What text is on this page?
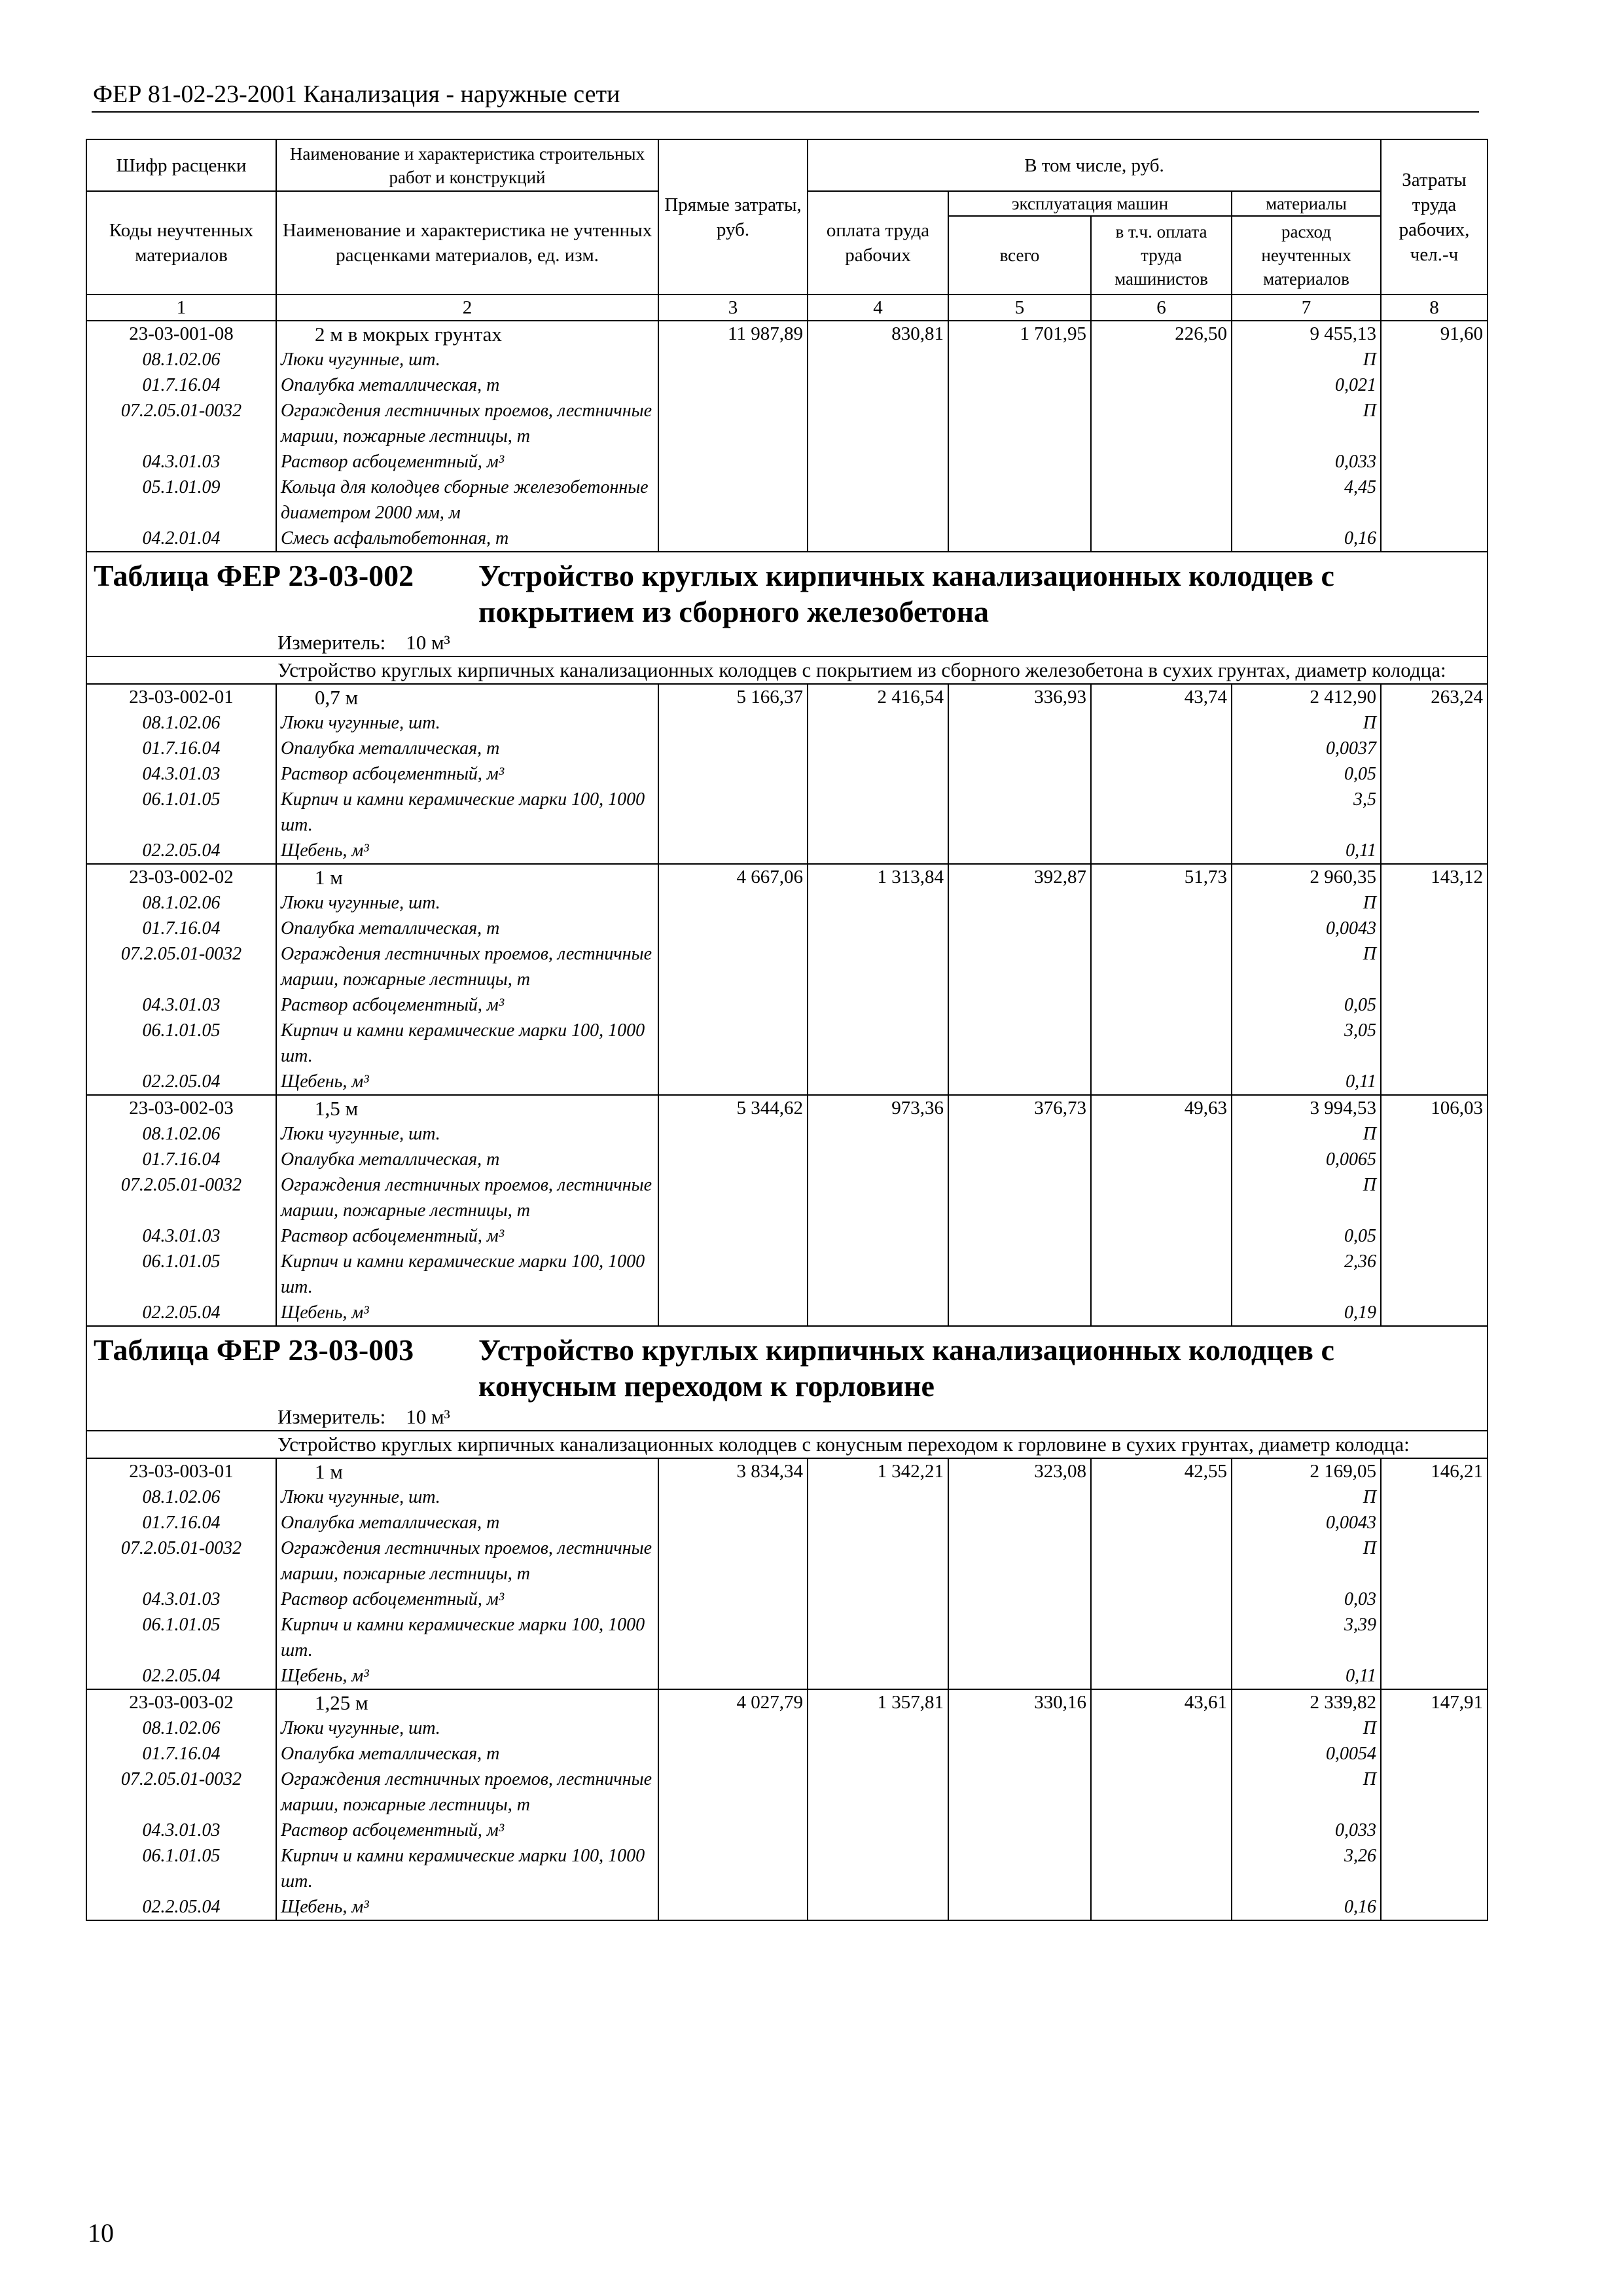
ФЕР 81-02-23-2001 Канализация - наружные сети
Шифр расценки	Наименование и характеристика строительных работ и конструкций	Прямые затраты, руб.	В том числе, руб.				Затраты труда рабочих, чел.-ч
Коды неучтенных материалов	Наименование и характеристика не учтенных расценками материалов, ед. изм.		оплата труда рабочих	эксплуатация машин		материалы	
				всего	в т.ч. оплата труда машинистов	расход неучтенных материалов	
1	2	3	4	5	6	7	8
23-03-001-08	2 м в мокрых грунтах	11 987,89	830,81	1 701,95	226,50	9 455,13	91,60
08.1.02.06	Люки чугунные, шт.					П	
01.7.16.04	Опалубка металлическая, т					0,021	
07.2.05.01-0032	Ограждения лестничных проемов, лестничные марши, пожарные лестницы, т					П	
04.3.01.03	Раствор асбоцементный, м³					0,033	
05.1.01.09	Кольца для колодцев сборные железобетонные диаметром 2000 мм, м					4,45	
04.2.01.04	Смесь асфальтобетонная, т					0,16	
Таблица ФЕР 23-03-002 Устройство круглых кирпичных канализационных колодцев с покрытием из сборного железобетона							
Измеритель: 10 м³							
Устройство круглых кирпичных канализационных колодцев с покрытием из сборного железобетона в сухих грунтах, диаметр колодца:							
23-03-002-01	0,7 м	5 166,37	2 416,54	336,93	43,74	2 412,90	263,24
08.1.02.06	Люки чугунные, шт.					П	
01.7.16.04	Опалубка металлическая, т					0,0037	
04.3.01.03	Раствор асбоцементный, м³					0,05	
06.1.01.05	Кирпич и камни керамические марки 100, 1000 шт.					3,5	
02.2.05.04	Щебень, м³					0,11	
23-03-002-02	1 м	4 667,06	1 313,84	392,87	51,73	2 960,35	143,12
08.1.02.06	Люки чугунные, шт.					П	
01.7.16.04	Опалубка металлическая, т					0,0043	
07.2.05.01-0032	Ограждения лестничных проемов, лестничные марши, пожарные лестницы, т					П	
04.3.01.03	Раствор асбоцементный, м³					0,05	
06.1.01.05	Кирпич и камни керамические марки 100, 1000 шт.					3,05	
02.2.05.04	Щебень, м³					0,11	
23-03-002-03	1,5 м	5 344,62	973,36	376,73	49,63	3 994,53	106,03
08.1.02.06	Люки чугунные, шт.					П	
01.7.16.04	Опалубка металлическая, т					0,0065	
07.2.05.01-0032	Ограждения лестничных проемов, лестничные марши, пожарные лестницы, т					П	
04.3.01.03	Раствор асбоцементный, м³					0,05	
06.1.01.05	Кирпич и камни керамические марки 100, 1000 шт.					2,36	
02.2.05.04	Щебень, м³					0,19	
Таблица ФЕР 23-03-003 Устройство круглых кирпичных канализационных колодцев с конусным переходом к горловине							
Измеритель: 10 м³							
Устройство круглых кирпичных канализационных колодцев с конусным переходом к горловине в сухих грунтах, диаметр колодца:							
23-03-003-01	1 м	3 834,34	1 342,21	323,08	42,55	2 169,05	146,21
08.1.02.06	Люки чугунные, шт.					П	
01.7.16.04	Опалубка металлическая, т					0,0043	
07.2.05.01-0032	Ограждения лестничных проемов, лестничные марши, пожарные лестницы, т					П	
04.3.01.03	Раствор асбоцементный, м³					0,03	
06.1.01.05	Кирпич и камни керамические марки 100, 1000 шт.					3,39	
02.2.05.04	Щебень, м³					0,11	
23-03-003-02	1,25 м	4 027,79	1 357,81	330,16	43,61	2 339,82	147,91
08.1.02.06	Люки чугунные, шт.					П	
01.7.16.04	Опалубка металлическая, т					0,0054	
07.2.05.01-0032	Ограждения лестничных проемов, лестничные марши, пожарные лестницы, т					П	
04.3.01.03	Раствор асбоцементный, м³					0,033	
06.1.01.05	Кирпич и камни керамические марки 100, 1000 шт.					3,26	
02.2.05.04	Щебень, м³					0,16	
10
